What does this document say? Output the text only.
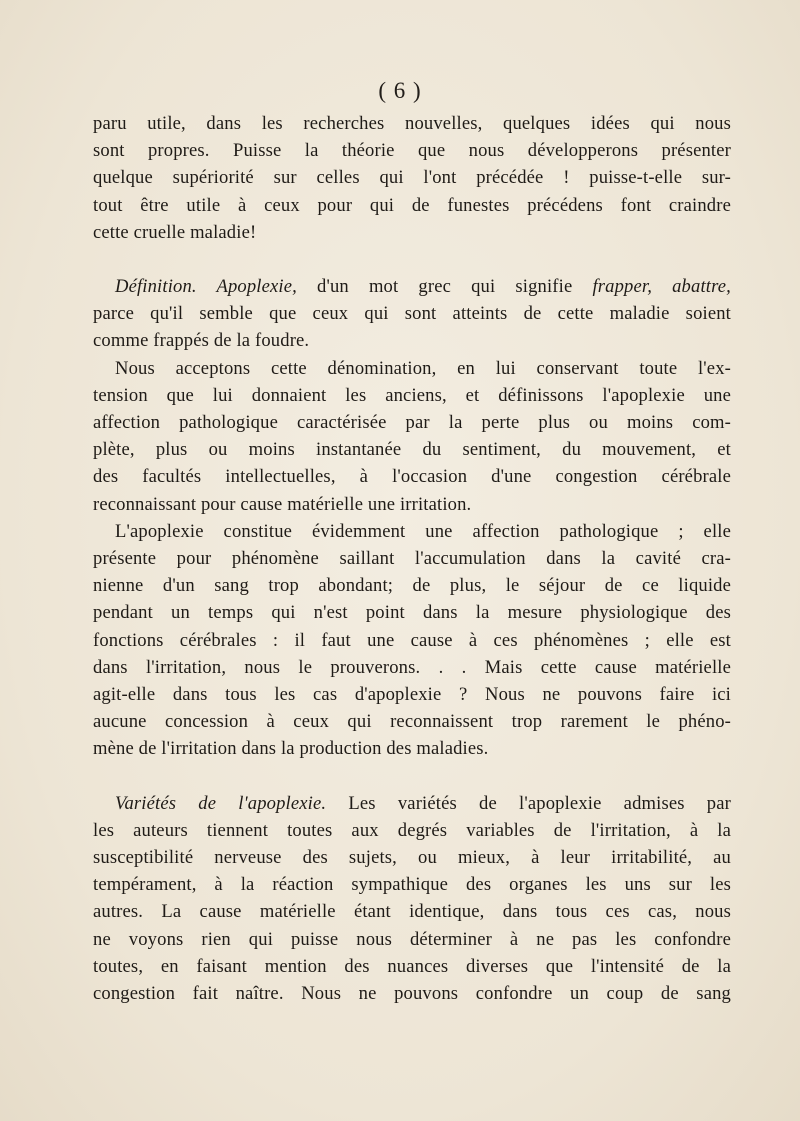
( 6 )
paru utile, dans les recherches nouvelles, quelques idées qui nous
sont propres. Puisse la théorie que nous développerons présenter
quelque supériorité sur celles qui l'ont précédée ! puisse-t-elle sur-
tout être utile à ceux pour qui de funestes précédens font craindre
cette cruelle maladie!
Définition. Apoplexie, d'un mot grec qui signifie frapper, abattre,
parce qu'il semble que ceux qui sont atteints de cette maladie soient
comme frappés de la foudre.
Nous acceptons cette dénomination, en lui conservant toute l'ex-
tension que lui donnaient les anciens, et définissons l'apoplexie une
affection pathologique caractérisée par la perte plus ou moins com-
plète, plus ou moins instantanée du sentiment, du mouvement, et
des facultés intellectuelles, à l'occasion d'une congestion cérébrale
reconnaissant pour cause matérielle une irritation.
L'apoplexie constitue évidemment une affection pathologique ; elle
présente pour phénomène saillant l'accumulation dans la cavité cra-
nienne d'un sang trop abondant; de plus, le séjour de ce liquide
pendant un temps qui n'est point dans la mesure physiologique des
fonctions cérébrales : il faut une cause à ces phénomènes ; elle est
dans l'irritation, nous le prouverons. . . Mais cette cause matérielle
agit-elle dans tous les cas d'apoplexie ? Nous ne pouvons faire ici
aucune concession à ceux qui reconnaissent trop rarement le phéno-
mène de l'irritation dans la production des maladies.
Variétés de l'apoplexie. Les variétés de l'apoplexie admises par
les auteurs tiennent toutes aux degrés variables de l'irritation, à la
susceptibilité nerveuse des sujets, ou mieux, à leur irritabilité, au
tempérament, à la réaction sympathique des organes les uns sur les
autres. La cause matérielle étant identique, dans tous ces cas, nous
ne voyons rien qui puisse nous déterminer à ne pas les confondre
toutes, en faisant mention des nuances diverses que l'intensité de la
congestion fait naître. Nous ne pouvons confondre un coup de sang
